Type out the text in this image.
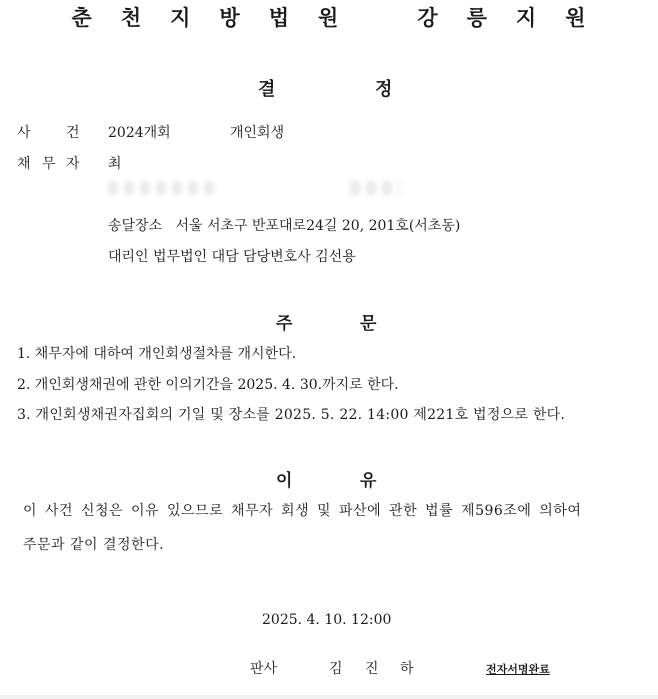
춘 천 지 방 법 원	강 릉 지 원
결	정
사	건 2024개회	개인회생
채 무 자 최
송달장소 서울 서초구 반포대로24길 20, 201호(서초동)
대리인 법무법인 대담 담당변호사 김선용
주	문
1. 채무자에 대하여 개인회생절차를 개시한다.
2. 개인회생채권에 관한 이의기간을 2025. 4. 30.까지로 한다.
3. 개인회생채권자집회의 기일 및 장소를 2025. 5. 22. 14:00 제221호 법정으로 한다.
이	유
이 사건 신청은 이유 있으므로 채무자 회생 및 파산에 관한 법률 제596조에 의하여
주문과 같이 결정한다.
2025. 4. 10. 12:00
판사	김 진 하	전자서명완료
